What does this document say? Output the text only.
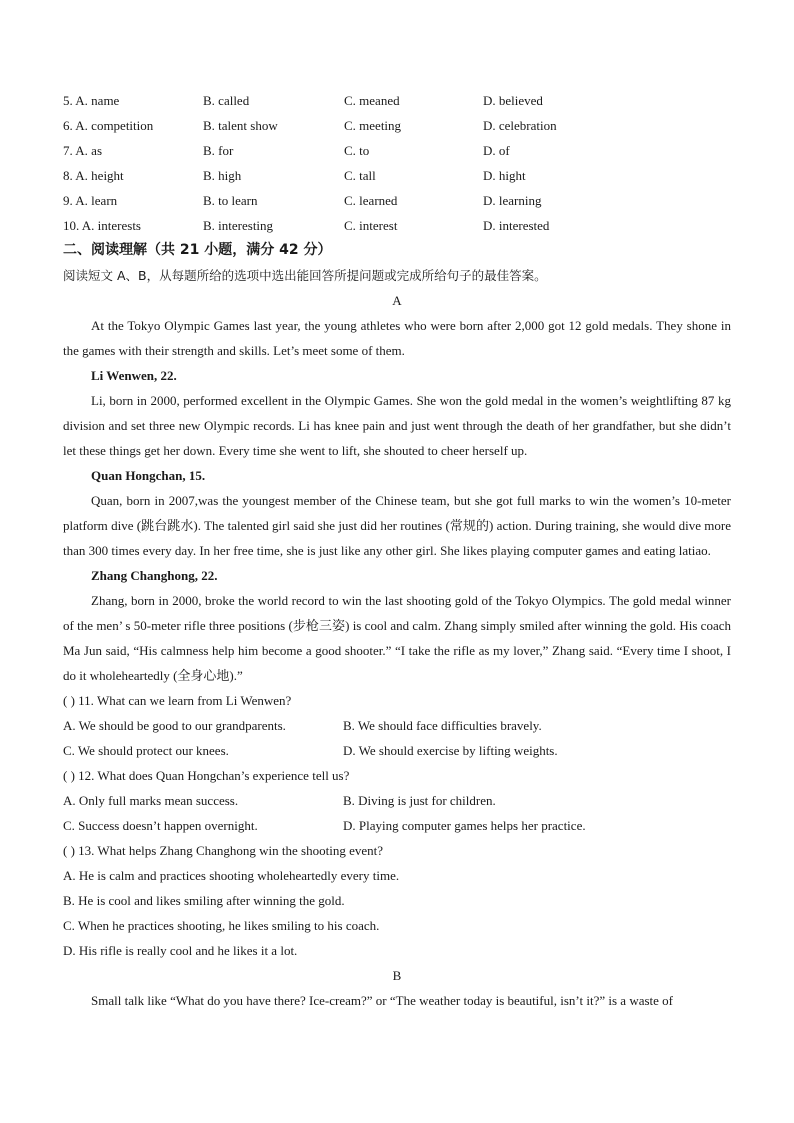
5. A. name	B. called	C. meaned	D. believed
6. A. competition	B. talent show	C. meeting	D. celebration
7. A. as	B. for	C. to	D. of
8. A. height	B. high	C. tall	D. hight
9. A. learn	B. to learn	C. learned	D. learning
10. A. interests	B. interesting	C. interest	D. interested
二、阅读理解（共 21 小题，满分 42 分）
阅读短文 A、B，从每题所给的选项中选出能回答所提问题或完成所给句子的最佳答案。
A

At the Tokyo Olympic Games last year, the young athletes who were born after 2,000 got 12 gold medals. They shone in the games with their strength and skills. Let’s meet some of them.

Li Wenwen, 22.

Li, born in 2000, performed excellent in the Olympic Games. She won the gold medal in the women’s weightlifting 87 kg division and set three new Olympic records. Li has knee pain and just went through the death of her grandfather, but she didn’t let these things get her down. Every time she went to lift, she shouted to cheer herself up.

Quan Hongchan, 15.

Quan, born in 2007,was the youngest member of the Chinese team, but she got full marks to win the women’s 10-meter platform dive (跳台跳水). The talented girl said she just did her routines (常规的) action. During training, she would dive more than 300 times every day. In her free time, she is just like any other girl. She likes playing computer games and eating latiao.

Zhang Changhong, 22.

Zhang, born in 2000, broke the world record to win the last shooting gold of the Tokyo Olympics. The gold medal winner of the men’ s 50-meter rifle three positions (步枪三姿) is cool and calm. Zhang simply smiled after winning the gold. His coach Ma Jun said, “His calmness help him become a good shooter.” “I take the rifle as my lover,” Zhang said. “Every time I shoot, I do it wholeheartedly (全身心地).”

( ) 11. What can we learn from Li Wenwen?
A. We should be good to our grandparents.	B. We should face difficulties bravely.
C. We should protect our knees.	D. We should exercise by lifting weights.
( ) 12. What does Quan Hongchan’s experience tell us?
A. Only full marks mean success.	B. Diving is just for children.
C. Success doesn’t happen overnight.	D. Playing computer games helps her practice.
( ) 13. What helps Zhang Changhong win the shooting event?
A. He is calm and practices shooting wholeheartedly every time.
B. He is cool and likes smiling after winning the gold.
C. When he practices shooting, he likes smiling to his coach.
D. His rifle is really cool and he likes it a lot.
B

Small talk like “What do you have there? Ice-cream?” or “The weather today is beautiful, isn’t it?” is a waste of
